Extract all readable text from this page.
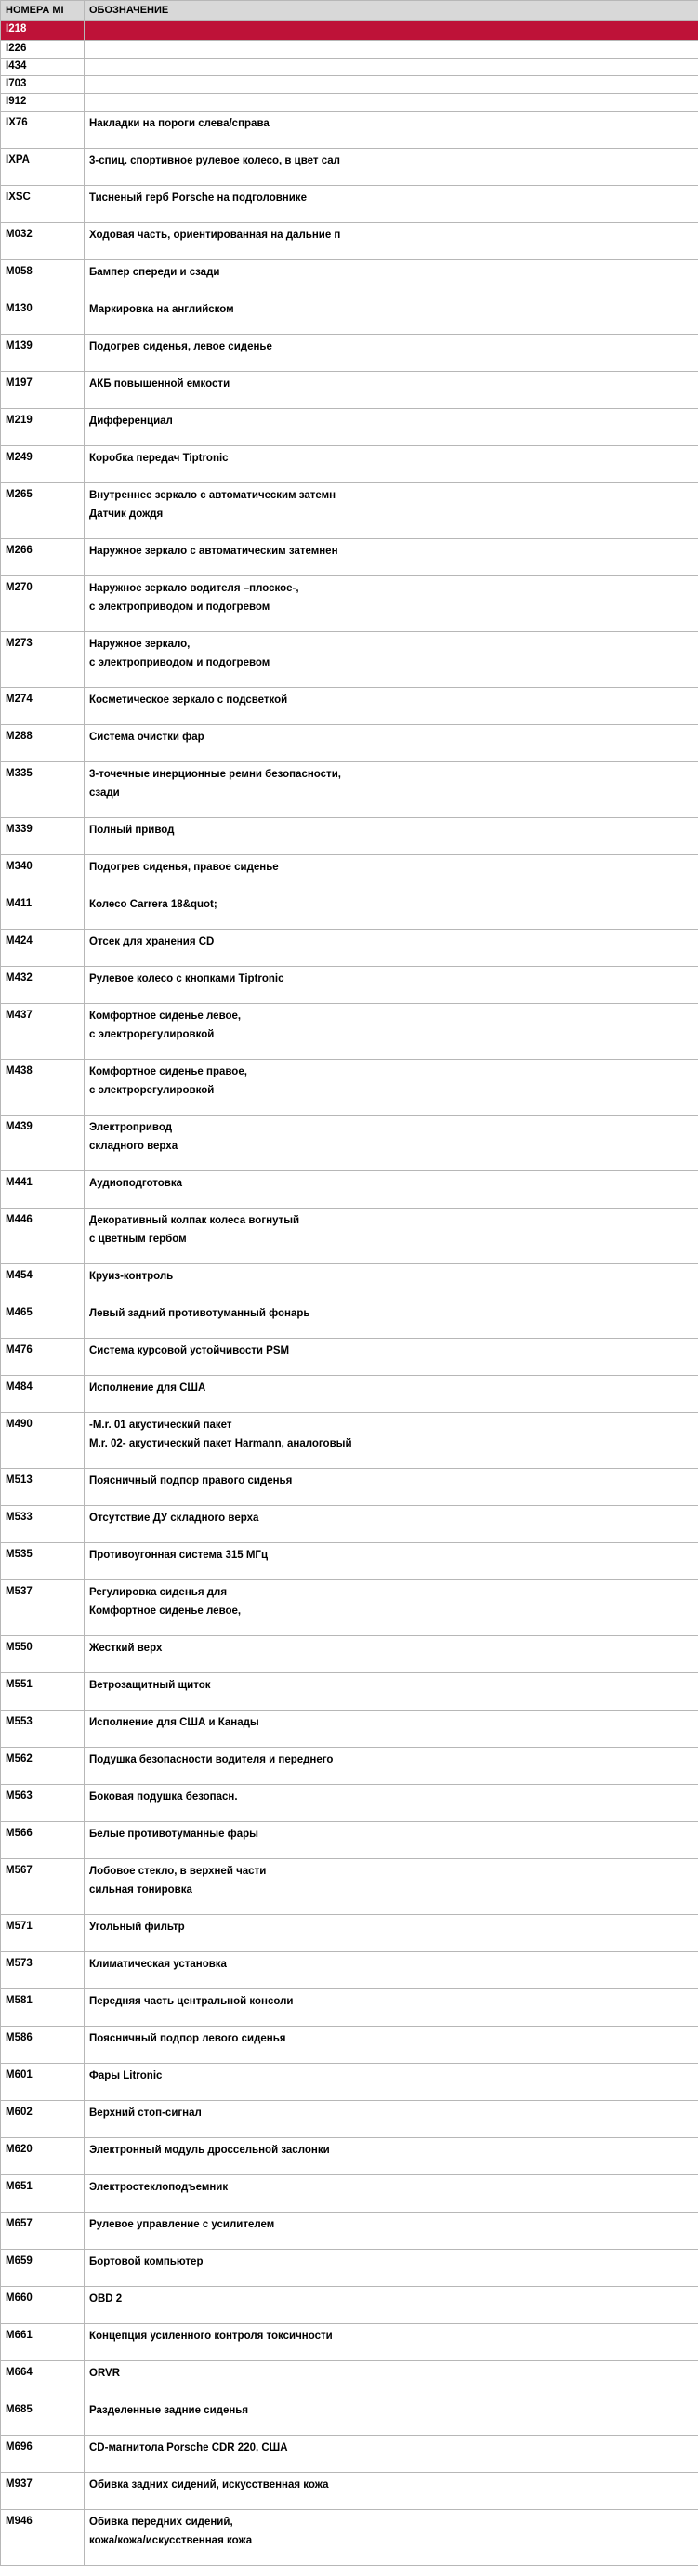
НОМЕРА MI	ОБОЗНАЧЕНИЕ
I218	
I226	
I434	
I703	
I912	
IX76	Накладки на пороги слева/справа

IXPA	3-спиц. спортивное рулевое колесо, в цвет сал

IXSC	Тисненый герб Porsche на подголовнике

M032	Ходовая часть, ориентированная на дальние п

M058	Бампер спереди и сзади

M130	Маркировка на английском

M139	Подогрев сиденья, левое сиденье

M197	АКБ повышенной емкости

M219	Дифференциал

M249	Коробка передач Tiptronic

M265	Внутреннее зеркало с автоматическим затемн
Датчик дождя

M266	Наружное зеркало с автоматическим затемнен

M270	Наружное зеркало водителя –плоское-,
с электроприводом и подогревом

M273	Наружное зеркало,
с электроприводом и подогревом

M274	Косметическое зеркало с подсветкой

M288	Система очистки фар

M335	3-точечные инерционные ремни безопасности,
сзади

M339	Полный привод

M340	Подогрев сиденья, правое сиденье

M411	Колесо Carrera 18&quot;

M424	Отсек для хранения CD

M432	Рулевое колесо с кнопками Tiptronic

M437	Комфортное сиденье левое,
с электрорегулировкой

M438	Комфортное сиденье правое,
с электрорегулировкой

M439	Электропривод
складного верха

M441	Аудиоподготовка

M446	Декоративный колпак колеса вогнутый
с цветным гербом

M454	Круиз-контроль

M465	Левый задний противотуманный фонарь

M476	Система курсовой устойчивости PSM

M484	Исполнение для США

M490	-M.r. 01 акустический пакет
M.r. 02- акустический пакет Harmann, аналоговый

M513	Поясничный подпор правого сиденья

M533	Отсутствие ДУ складного верха

M535	Противоугонная система 315 МГц

M537	Регулировка сиденья для
Комфортное сиденье левое,

M550	Жесткий верх

M551	Ветрозащитный щиток

M553	Исполнение для США и Канады

M562	Подушка безопасности водителя и переднего

M563	Боковая подушка безопасн.

M566	Белые противотуманные фары

M567	Лобовое стекло, в верхней части
сильная тонировка

M571	Угольный фильтр

M573	Климатическая установка

M581	Передняя часть центральной консоли

M586	Поясничный подпор левого сиденья

M601	Фары Litronic

M602	Верхний стоп-сигнал

M620	Электронный модуль дроссельной заслонки

M651	Электростеклоподъемник

M657	Рулевое управление с усилителем

M659	Бортовой компьютер

M660	OBD 2

M661	Концепция усиленного контроля токсичности

M664	ORVR

M685	Разделенные задние сиденья

M696	CD-магнитола Porsche CDR 220, США

M937	Обивка задних сидений, искусственная кожа

M946	Обивка передних сидений,
кожа/кожа/искусственная кожа
